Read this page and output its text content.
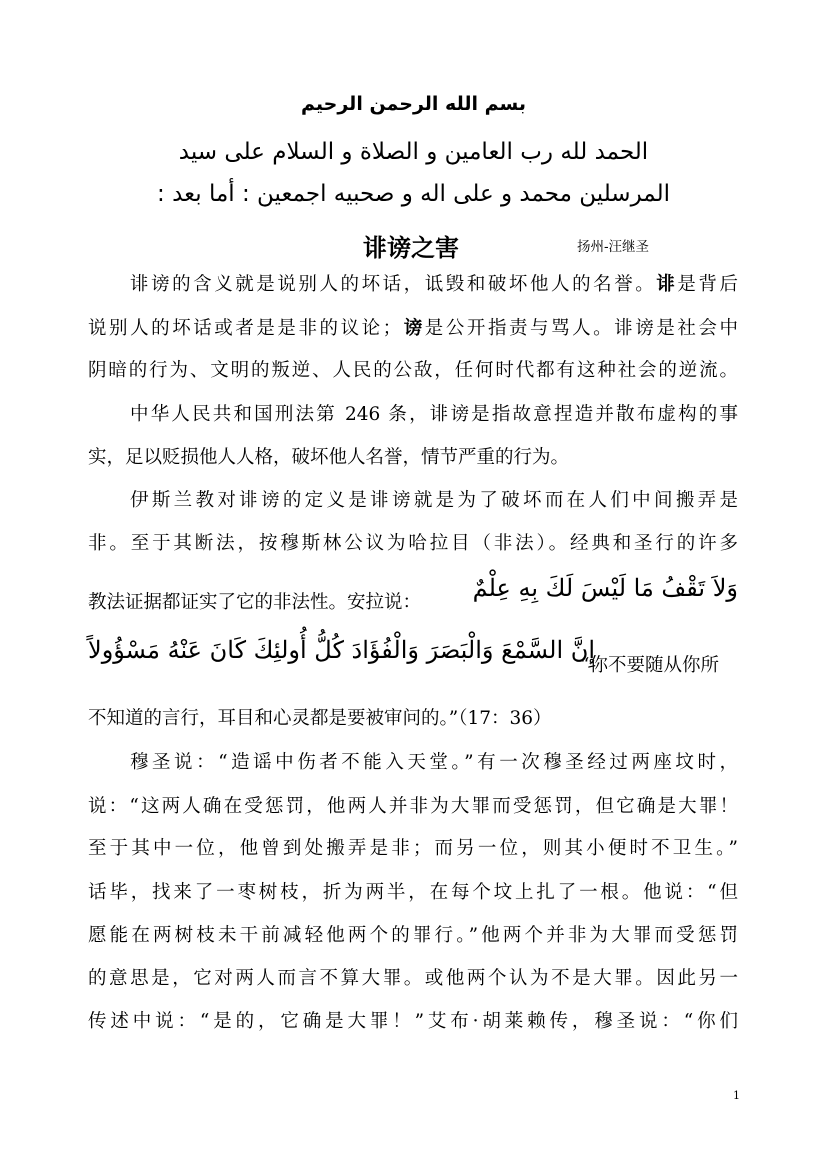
بسم الله الرحمن الرحيم
الحمد لله رب العامين و الصلاة و السلام على سيد
المرسلين محمد و على اله و صحبيه اجمعين : أما بعد :
诽谤之害	扬州-汪继圣
诽谤的含义就是说别人的坏话，诋毁和破坏他人的名誉。诽是背后
说别人的坏话或者是是非的议论；谤是公开指责与骂人。诽谤是社会中
阴暗的行为、文明的叛逆、人民的公敌，任何时代都有这种社会的逆流。
中华人民共和国刑法第 246 条，诽谤是指故意捏造并散布虚构的事
实，足以贬损他人人格，破坏他人名誉，情节严重的行为。
伊斯兰教对诽谤的定义是诽谤就是为了破坏而在人们中间搬弄是
非。至于其断法，按穆斯林公议为哈拉目（非法）。经典和圣行的许多
教法证据都证实了它的非法性。安拉说：
وَلاَ تَقْفُ مَا لَيْسَ لَكَ بِهِ عِلْمٌ
إِنَّ السَّمْعَ وَالْبَصَرَ وَالْفُؤَادَ كُلُّ أُولئِكَ كَانَ عَنْهُ مَسْؤُولاً
“你不要随从你所
不知道的言行，耳目和心灵都是要被审问的。”（17：36）
穆圣说：“造谣中伤者不能入天堂。”有一次穆圣经过两座坟时，
说：“这两人确在受惩罚，他两人并非为大罪而受惩罚，但它确是大罪！
至于其中一位，他曾到处搬弄是非；而另一位，则其小便时不卫生。”
话毕，找来了一枣树枝，折为两半，在每个坟上扎了一根。他说：“但
愿能在两树枝未干前减轻他两个的罪行。”他两个并非为大罪而受惩罚
的意思是，它对两人而言不算大罪。或他两个认为不是大罪。因此另一
传述中说：“是的，它确是大罪！”艾布·胡莱赖传，穆圣说：“你们
1
